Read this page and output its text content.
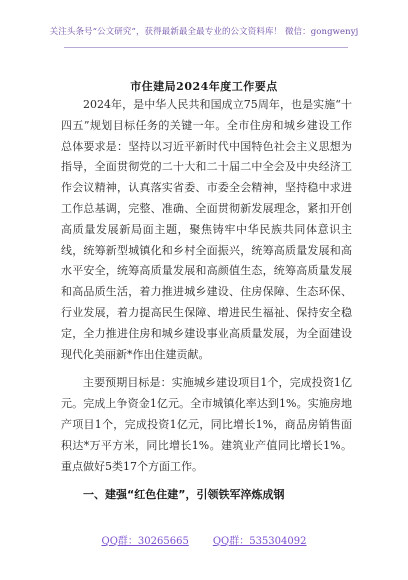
关注头条号“公文研究”，获得最新最全最专业的公文资料库！ 微信：gongwenyj
市住建局2024年度工作要点

2024年，是中华人民共和国成立75周年，也是实施“十四五”规划目标任务的关键一年。全市住房和城乡建设工作总体要求是：坚持以习近平新时代中国特色社会主义思想为指导，全面贯彻党的二十大和二十届二中全会及中央经济工作会议精神，认真落实省委、市委全会精神，坚持稳中求进工作总基调，完整、准确、全面贯彻新发展理念，紧扣开创高质量发展新局面主题，聚焦铸牢中华民族共同体意识主线，统筹新型城镇化和乡村全面振兴，统筹高质量发展和高水平安全，统筹高质量发展和高颜值生态，统筹高质量发展和高品质生活，着力推进城乡建设、住房保障、生态环保、行业发展，着力提高民生保障、增进民生福祉、保持安全稳定，全力推进住房和城乡建设事业高质量发展，为全面建设现代化美丽新*作出住建贡献。

主要预期目标是：实施城乡建设项目1个，完成投资1亿元。完成上争资金1亿元。全市城镇化率达到1%。实施房地产项目1个，完成投资1亿元，同比增长1%，商品房销售面积达*万平方米，同比增长1%。建筑业产值同比增长1%。重点做好5类17个方面工作。

一、建强“红色住建”，引领铁军淬炼成钢

QQ群：30265665 QQ群：535304092
